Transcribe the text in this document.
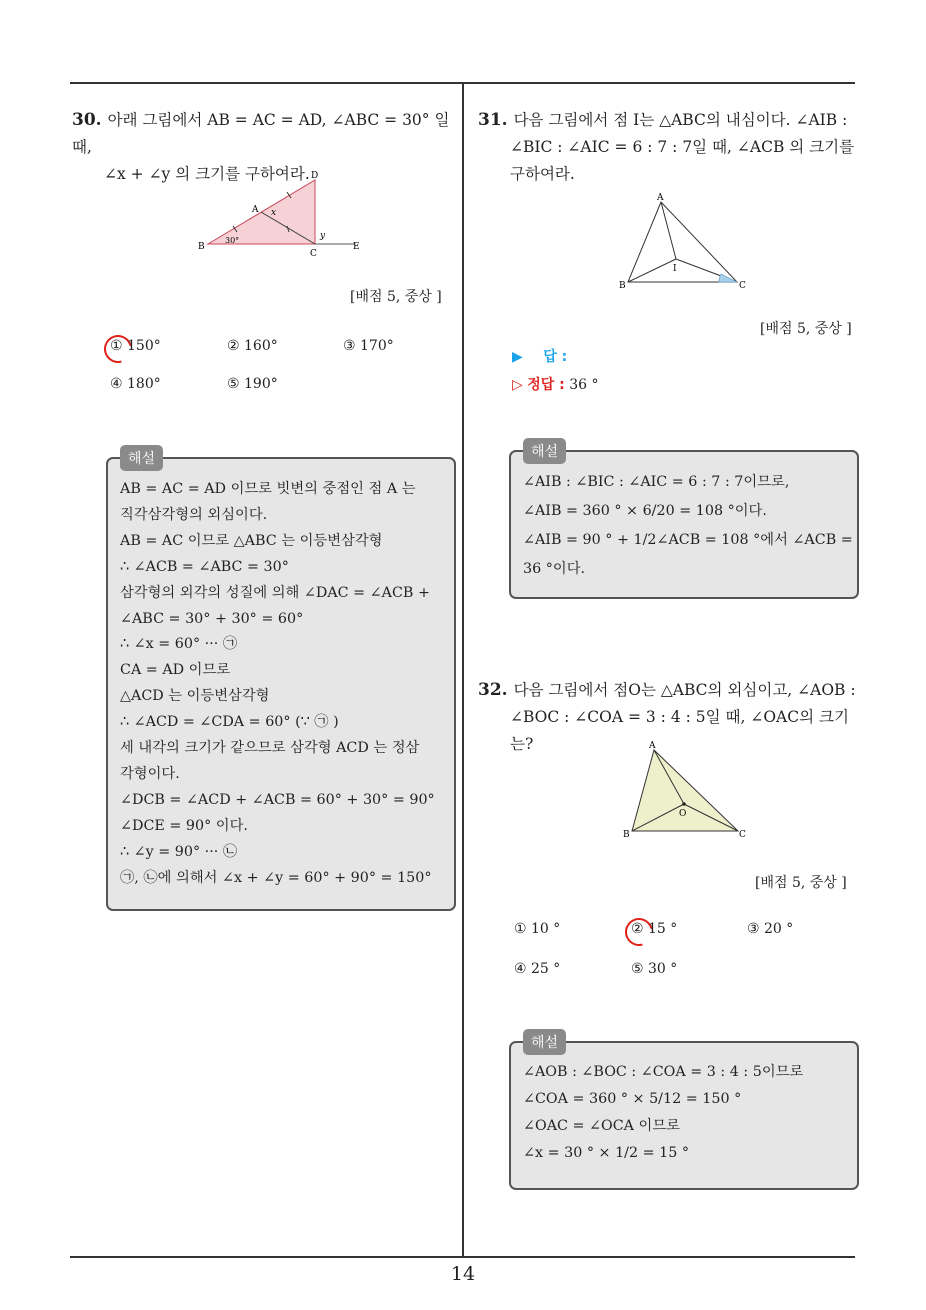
30. 아래 그림에서 AB = AC = AD, ∠ABC = 30° 일 때,
∠x + ∠y 의 크기를 구하여라. D
A x
B
30°	y
C
E
[배점 5, 중상 ]
① 150°	② 160°	③ 170°
④ 180°	⑤ 190°
해설
AB = AC = AD 이므로 빗변의 중점인 점 A 는
직각삼각형의 외심이다.
AB = AC 이므로 △ABC 는 이등변삼각형
∴ ∠ACB = ∠ABC = 30°
삼각형의 외각의 성질에 의해 ∠DAC = ∠ACB +
∠ABC = 30° + 30° = 60°
∴ ∠x = 60° ··· ㉠
CA = AD 이므로
△ACD 는 이등변삼각형
∴ ∠ACD = ∠CDA = 60° (∵ ㉠ )
세 내각의 크기가 같으므로 삼각형 ACD 는 정삼
각형이다.
∠DCB = ∠ACD + ∠ACB = 60° + 30° = 90°
∠DCE = 90° 이다.
∴ ∠y = 90° ··· ㉡
㉠, ㉡에 의해서 ∠x + ∠y = 60° + 90° = 150°
31. 다음 그림에서 점 I는 △ABC의 내심이다. ∠AIB :
∠BIC : ∠AIC = 6 : 7 : 7일 때, ∠ACB 의 크기를
구하여라.
A
I
B	C
[배점 5, 중상 ]
▶ 답 :
▷ 정답 : 36 °
해설
∠AIB : ∠BIC : ∠AIC = 6 : 7 : 7이므로,
∠AIB = 360 ° × 6/20 = 108 °이다.
∠AIB = 90 ° + 1/2∠ACB = 108 °에서 ∠ACB =
36 °이다.
32. 다음 그림에서 점O는 △ABC의 외심이고, ∠AOB :
∠BOC : ∠COA = 3 : 4 : 5일 때, ∠OAC의 크기는?	A
O
B	C
[배점 5, 중상 ]
① 10 °	② 15 °	③ 20 °
④ 25 °	⑤ 30 °
해설
∠AOB : ∠BOC : ∠COA = 3 : 4 : 5이므로
∠COA = 360 ° × 5/12 = 150 °
∠OAC = ∠OCA 이므로
∠x = 30 ° × 1/2 = 15 °
14
